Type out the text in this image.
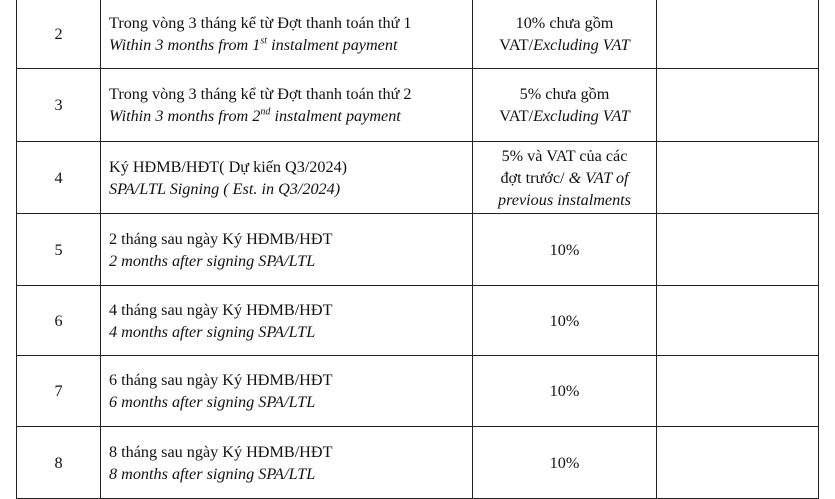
2	Trong vòng 3 tháng kể từ Đợt thanh toán thứ 1
Within 3 months from 1st instalment payment	10% chưa gồm
VAT/Excluding VAT	

3	Trong vòng 3 tháng kể từ Đợt thanh toán thứ 2
Within 3 months from 2nd instalment payment	5% chưa gồm
VAT/Excluding VAT	

4	Ký HĐMB/HĐT( Dự kiến Q3/2024)
SPA/LTL Signing ( Est. in Q3/2024)	5% và VAT của các
đợt trước/ & VAT of
previous instalments	

5	2 tháng sau ngày Ký HĐMB/HĐT
2 months after signing SPA/LTL	10%	
6	4 tháng sau ngày Ký HĐMB/HĐT
4 months after signing SPA/LTL	10%	
7	6 tháng sau ngày Ký HĐMB/HĐT
6 months after signing SPA/LTL	10%	
8	8 tháng sau ngày Ký HĐMB/HĐT
8 months after signing SPA/LTL	10%	
